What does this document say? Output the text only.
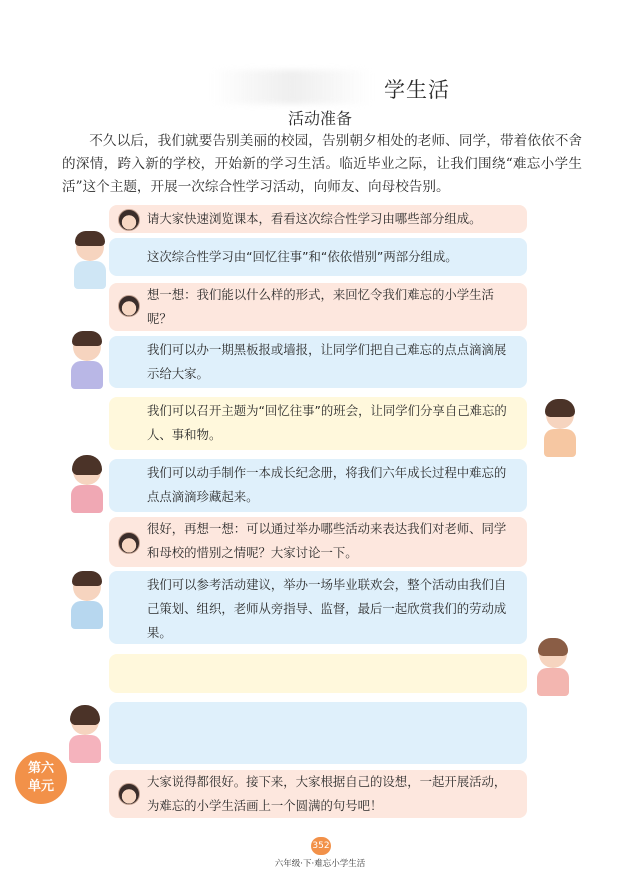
学生活
活动准备
不久以后，我们就要告别美丽的校园，告别朝夕相处的老师、同学，带着依依不舍的深情，跨入新的学校，开始新的学习生活。临近毕业之际，让我们围绕“难忘小学生活”这个主题，开展一次综合性学习活动，向师友、向母校告别。
请大家快速浏览课本，看看这次综合性学习由哪些部分组成。
这次综合性学习由“回忆往事”和“依依惜别”两部分组成。
想一想：我们能以什么样的形式，来回忆令我们难忘的小学生活呢？
我们可以办一期黑板报或墙报，让同学们把自己难忘的点点滴滴展示给大家。
我们可以召开主题为“回忆往事”的班会，让同学们分享自己难忘的人、事和物。
我们可以动手制作一本成长纪念册，将我们六年成长过程中难忘的点点滴滴珍藏起来。
很好，再想一想：可以通过举办哪些活动来表达我们对老师、同学和母校的惜别之情呢？大家讨论一下。
我们可以参考活动建议，举办一场毕业联欢会，整个活动由我们自己策划、组织，老师从旁指导、监督，最后一起欣赏我们的劳动成果。
大家说得都很好。接下来，大家根据自己的设想，一起开展活动，为难忘的小学生活画上一个圆满的句号吧！
第六
单元
352
六年级·下·难忘小学生活
